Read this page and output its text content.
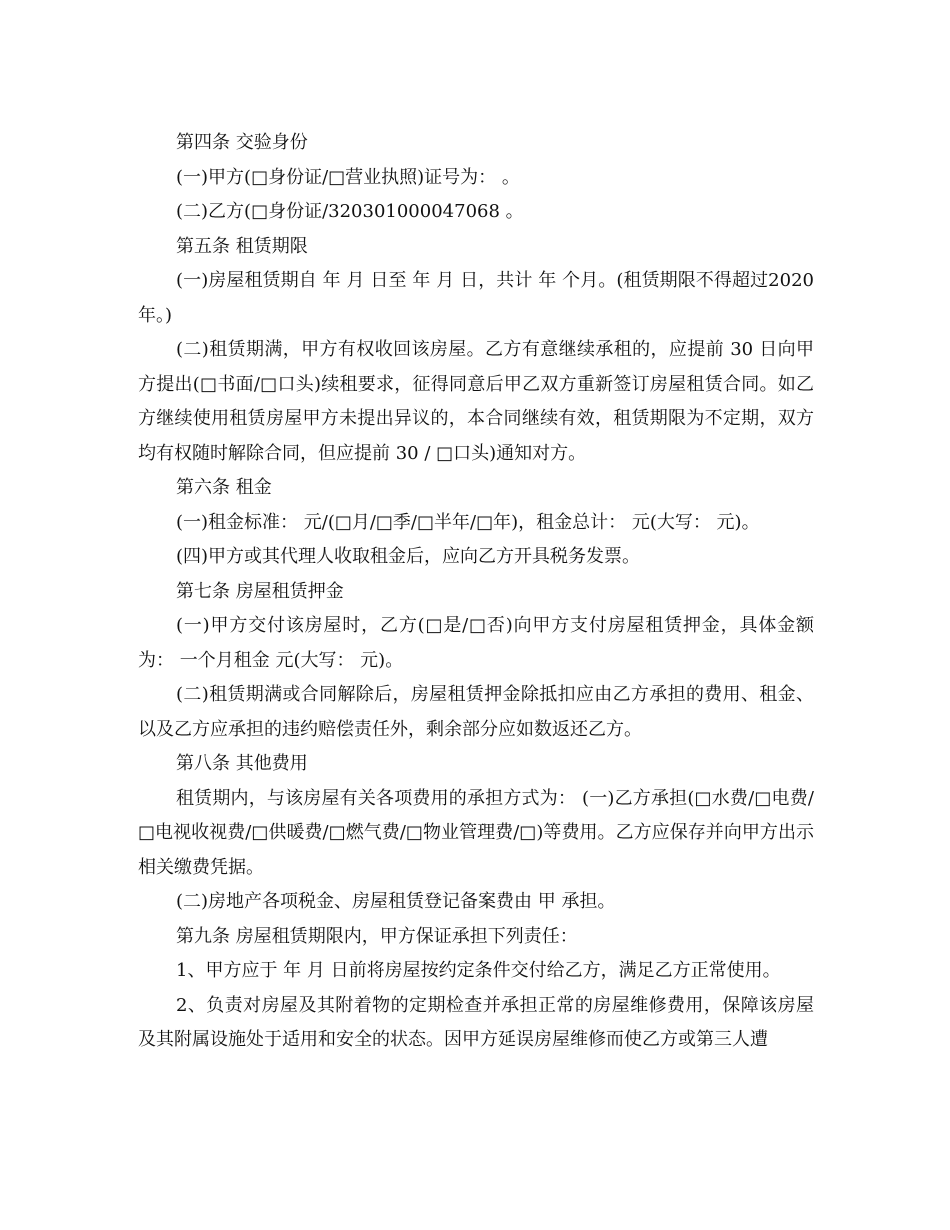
第四条 交验身份

(一)甲方(□身份证/□营业执照)证号为： 。

(二)乙方(□身份证/320301000047068 。

第五条 租赁期限

(一)房屋租赁期自 年 月 日至 年 月 日，共计 年 个月。(租赁期限不得超过2020年。)

(二)租赁期满，甲方有权收回该房屋。乙方有意继续承租的，应提前 30 日向甲方提出(□书面/□口头)续租要求，征得同意后甲乙双方重新签订房屋租赁合同。如乙方继续使用租赁房屋甲方未提出异议的，本合同继续有效，租赁期限为不定期，双方均有权随时解除合同，但应提前 30 / □口头)通知对方。

第六条 租金

(一)租金标准： 元/(□月/□季/□半年/□年)，租金总计： 元(大写： 元)。

(四)甲方或其代理人收取租金后，应向乙方开具税务发票。

第七条 房屋租赁押金

(一)甲方交付该房屋时，乙方(□是/□否)向甲方支付房屋租赁押金，具体金额为： 一个月租金 元(大写： 元)。

(二)租赁期满或合同解除后，房屋租赁押金除抵扣应由乙方承担的费用、租金、以及乙方应承担的违约赔偿责任外，剩余部分应如数返还乙方。

第八条 其他费用

租赁期内，与该房屋有关各项费用的承担方式为： (一)乙方承担(□水费/□电费/□电视收视费/□供暖费/□燃气费/□物业管理费/□)等费用。乙方应保存并向甲方出示相关缴费凭据。

(二)房地产各项税金、房屋租赁登记备案费由 甲 承担。

第九条 房屋租赁期限内，甲方保证承担下列责任：

1、甲方应于 年 月 日前将房屋按约定条件交付给乙方，满足乙方正常使用。

2、负责对房屋及其附着物的定期检查并承担正常的房屋维修费用，保障该房屋及其附属设施处于适用和安全的状态。因甲方延误房屋维修而使乙方或第三人遭
